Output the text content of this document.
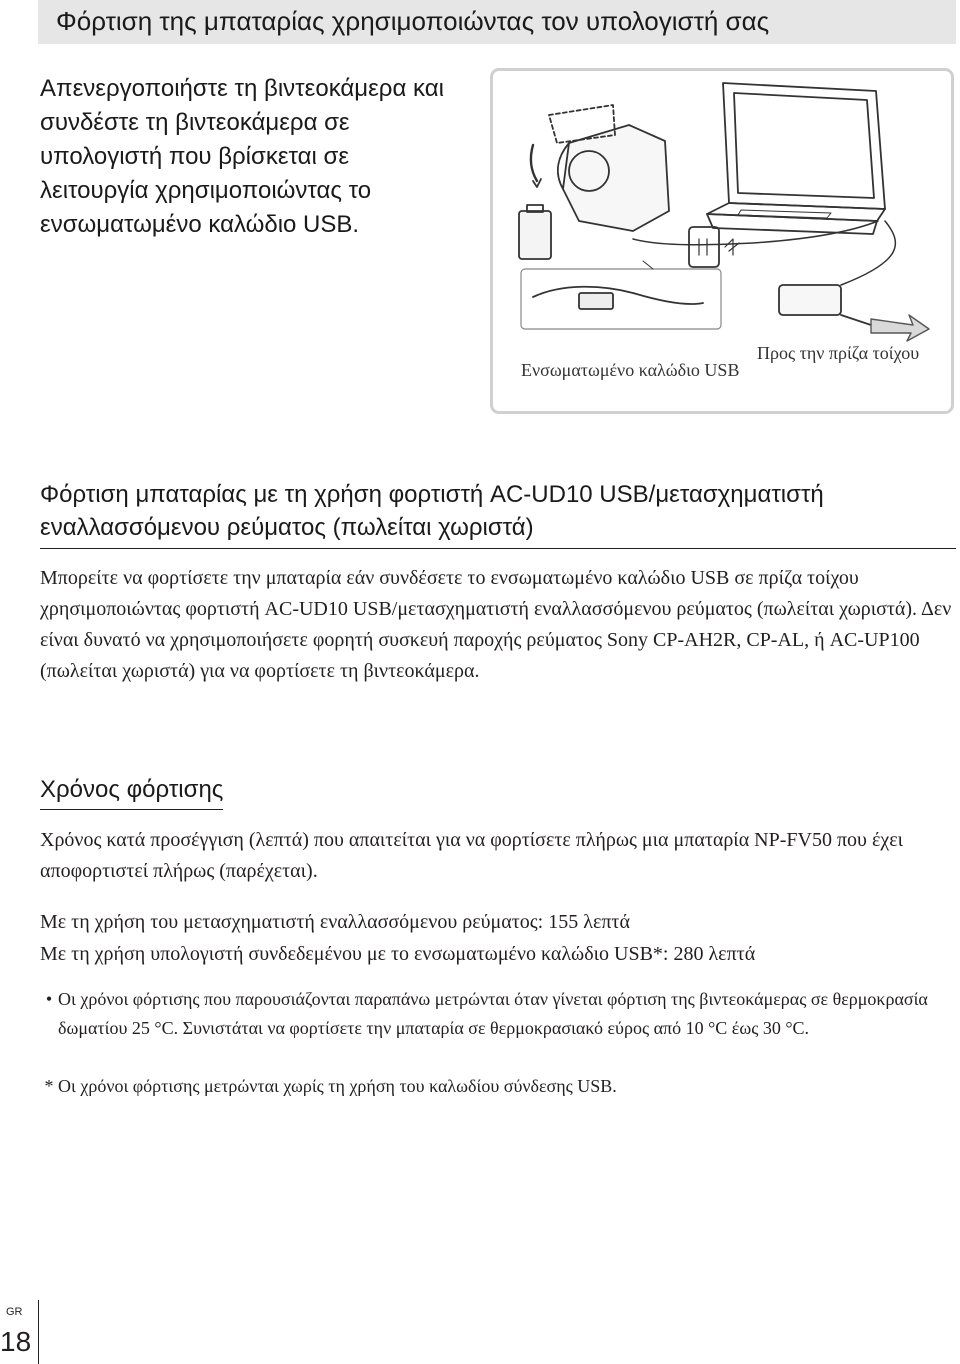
Φόρτιση της μπαταρίας χρησιμοποιώντας τον υπολογιστή σας
Απενεργοποιήστε τη βιντεοκάμερα και συνδέστε τη βιντεοκάμερα σε υπολογιστή που βρίσκεται σε λειτουργία χρησιμοποιώντας το ενσωματωμένο καλώδιο USB.
Ενσωματωμένο καλώδιο USB
Προς την πρίζα τοίχου
Φόρτιση μπαταρίας με τη χρήση φορτιστή AC-UD10 USB/μετασχηματιστή εναλλασσόμενου ρεύματος (πωλείται χωριστά)
Μπορείτε να φορτίσετε την μπαταρία εάν συνδέσετε το ενσωματωμένο καλώδιο USB σε πρίζα τοίχου χρησιμοποιώντας φορτιστή AC-UD10 USB/μετασχηματιστή εναλλασσόμενου ρεύματος (πωλείται χωριστά). Δεν είναι δυνατό να χρησιμοποιήσετε φορητή συσκευή παροχής ρεύματος Sony CP-AH2R, CP-AL, ή AC-UP100 (πωλείται χωριστά) για να φορτίσετε τη βιντεοκάμερα.
Χρόνος φόρτισης
Χρόνος κατά προσέγγιση (λεπτά) που απαιτείται για να φορτίσετε πλήρως μια μπαταρία NP-FV50 που έχει αποφορτιστεί πλήρως (παρέχεται).
Με τη χρήση του μετασχηματιστή εναλλασσόμενου ρεύματος: 155 λεπτά
Με τη χρήση υπολογιστή συνδεδεμένου με το ενσωματωμένο καλώδιο USB*: 280 λεπτά
• Οι χρόνοι φόρτισης που παρουσιάζονται παραπάνω μετρώνται όταν γίνεται φόρτιση της βιντεοκάμερας σε θερμοκρασία δωματίου 25 °C. Συνιστάται να φορτίσετε την μπαταρία σε θερμοκρασιακό εύρος από 10 °C έως 30 °C.
* Οι χρόνοι φόρτισης μετρώνται χωρίς τη χρήση του καλωδίου σύνδεσης USB.
GR
18
